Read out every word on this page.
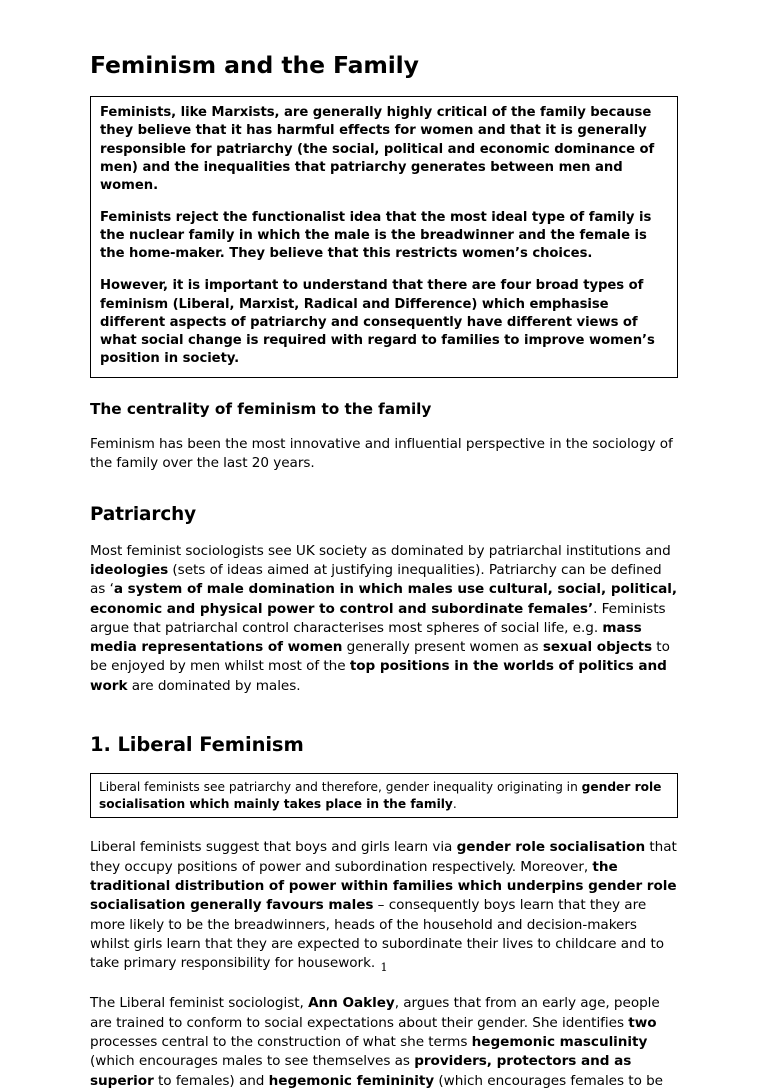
Feminism and the Family

Feminists, like Marxists, are generally highly critical of the family because they believe that it has harmful effects for women and that it is generally responsible for patriarchy (the social, political and economic dominance of men) and the inequalities that patriarchy generates between men and women.

Feminists reject the functionalist idea that the most ideal type of family is the nuclear family in which the male is the breadwinner and the female is the home-maker. They believe that this restricts women’s choices.

However, it is important to understand that there are four broad types of feminism (Liberal, Marxist, Radical and Difference) which emphasise different aspects of patriarchy and consequently have different views of what social change is required with regard to families to improve women’s position in society.

The centrality of feminism to the family

Feminism has been the most innovative and influential perspective in the sociology of the family over the last 20 years.

Patriarchy

Most feminist sociologists see UK society as dominated by patriarchal institutions and ideologies (sets of ideas aimed at justifying inequalities). Patriarchy can be defined as ‘a system of male domination in which males use cultural, social, political, economic and physical power to control and subordinate females’. Feminists argue that patriarchal control characterises most spheres of social life, e.g. mass media representations of women generally present women as sexual objects to be enjoyed by men whilst most of the top positions in the worlds of politics and work are dominated by males.

1. Liberal Feminism

Liberal feminists see patriarchy and therefore, gender inequality originating in gender role socialisation which mainly takes place in the family.

Liberal feminists suggest that boys and girls learn via gender role socialisation that they occupy positions of power and subordination respectively. Moreover, the traditional distribution of power within families which underpins gender role socialisation generally favours males – consequently boys learn that they are more likely to be the breadwinners, heads of the household and decision-makers whilst girls learn that they are expected to subordinate their lives to childcare and to take primary responsibility for housework.

The Liberal feminist sociologist, Ann Oakley, argues that from an early age, people are trained to conform to social expectations about their gender. She identifies two processes central to the construction of what she terms hegemonic masculinity (which encourages males to see themselves as providers, protectors and as superior to females) and hegemonic femininity (which encourages females to be

1
